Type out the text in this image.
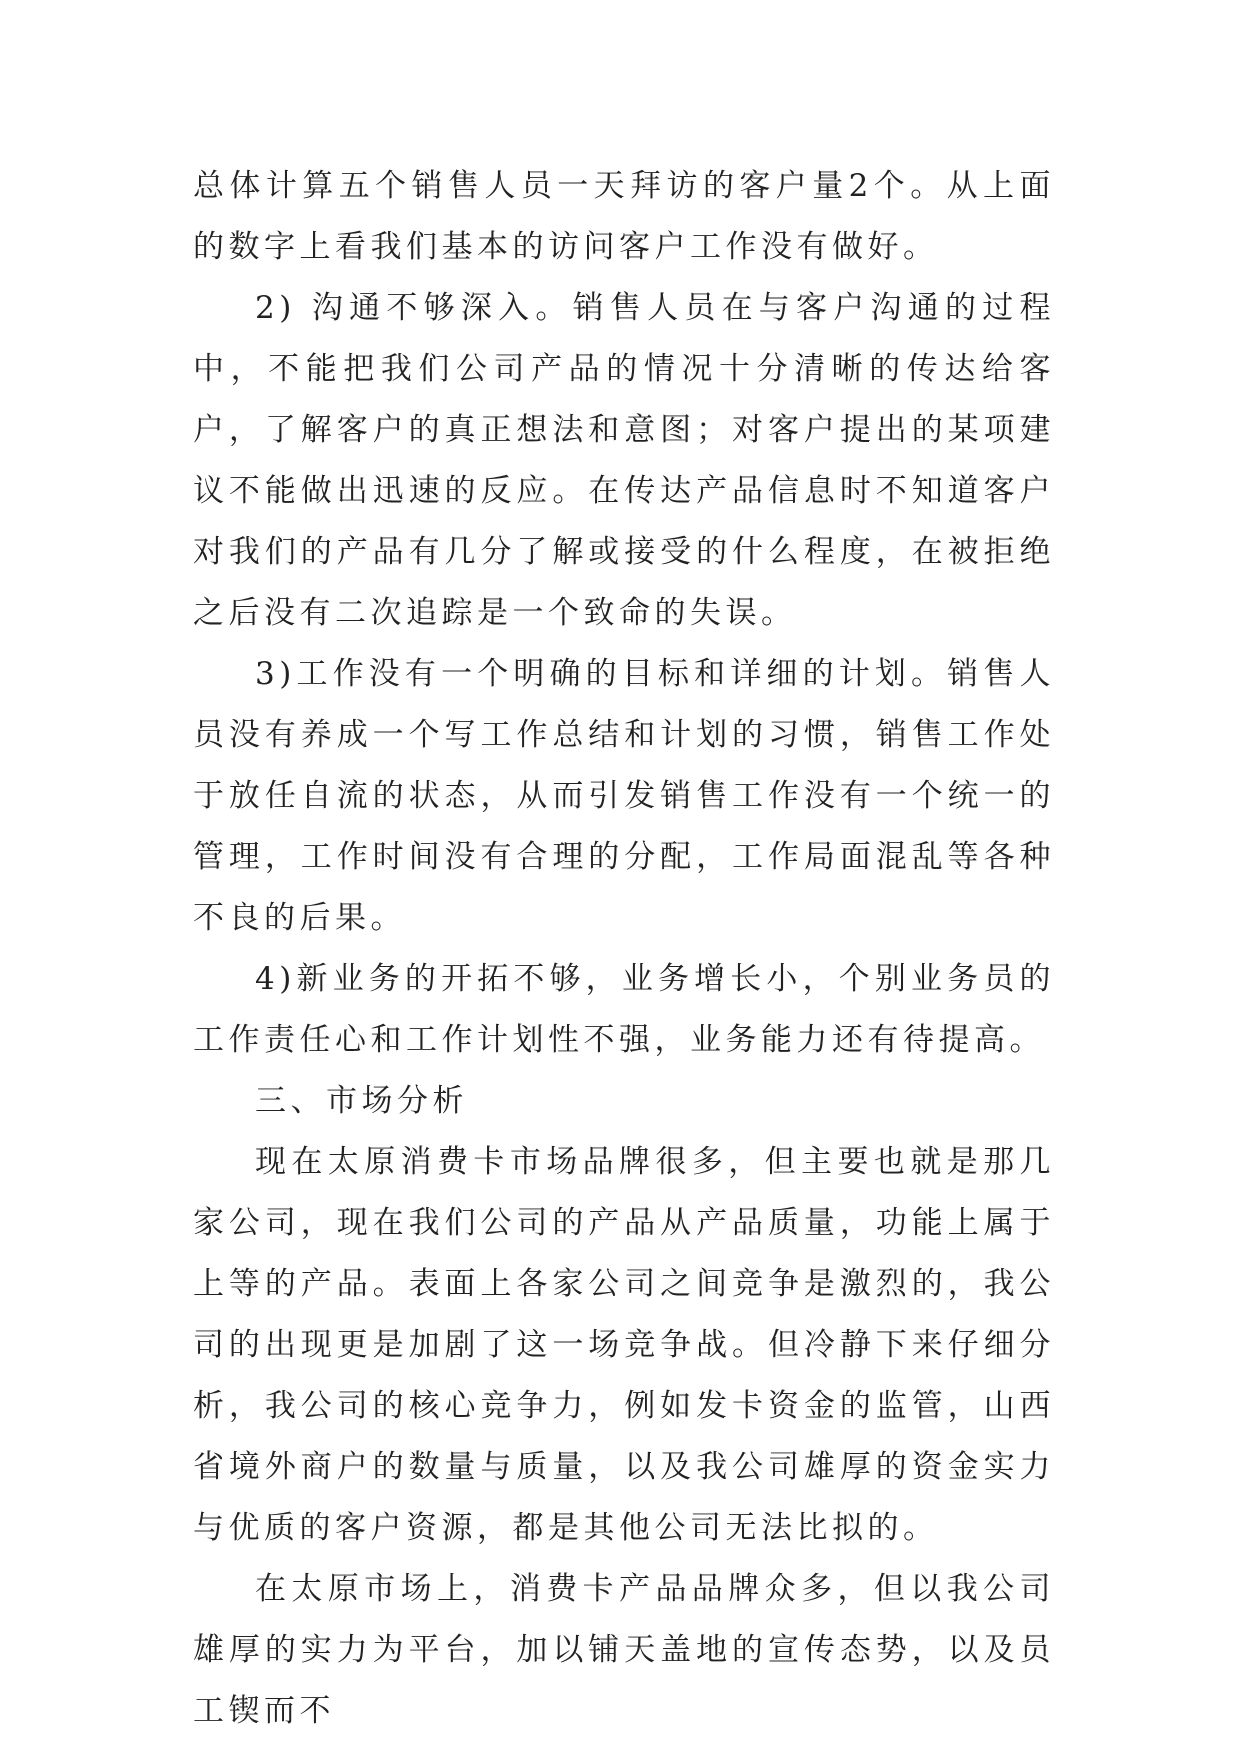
总体计算五个销售人员一天拜访的客户量2个。从上面的数字上看我们基本的访问客户工作没有做好。

2) 沟通不够深入。销售人员在与客户沟通的过程中，不能把我们公司产品的情况十分清晰的传达给客户，了解客户的真正想法和意图；对客户提出的某项建议不能做出迅速的反应。在传达产品信息时不知道客户对我们的产品有几分了解或接受的什么程度，在被拒绝之后没有二次追踪是一个致命的失误。

3)工作没有一个明确的目标和详细的计划。销售人员没有养成一个写工作总结和计划的习惯，销售工作处于放任自流的状态，从而引发销售工作没有一个统一的管理，工作时间没有合理的分配，工作局面混乱等各种不良的后果。

4)新业务的开拓不够，业务增长小，个别业务员的工作责任心和工作计划性不强，业务能力还有待提高。

三、市场分析

现在太原消费卡市场品牌很多，但主要也就是那几家公司，现在我们公司的产品从产品质量，功能上属于上等的产品。表面上各家公司之间竞争是激烈的，我公司的出现更是加剧了这一场竞争战。但冷静下来仔细分析，我公司的核心竞争力，例如发卡资金的监管，山西省境外商户的数量与质量，以及我公司雄厚的资金实力与优质的客户资源，都是其他公司无法比拟的。

在太原市场上，消费卡产品品牌众多，但以我公司雄厚的实力为平台，加以铺天盖地的宣传态势，以及员工锲而不
